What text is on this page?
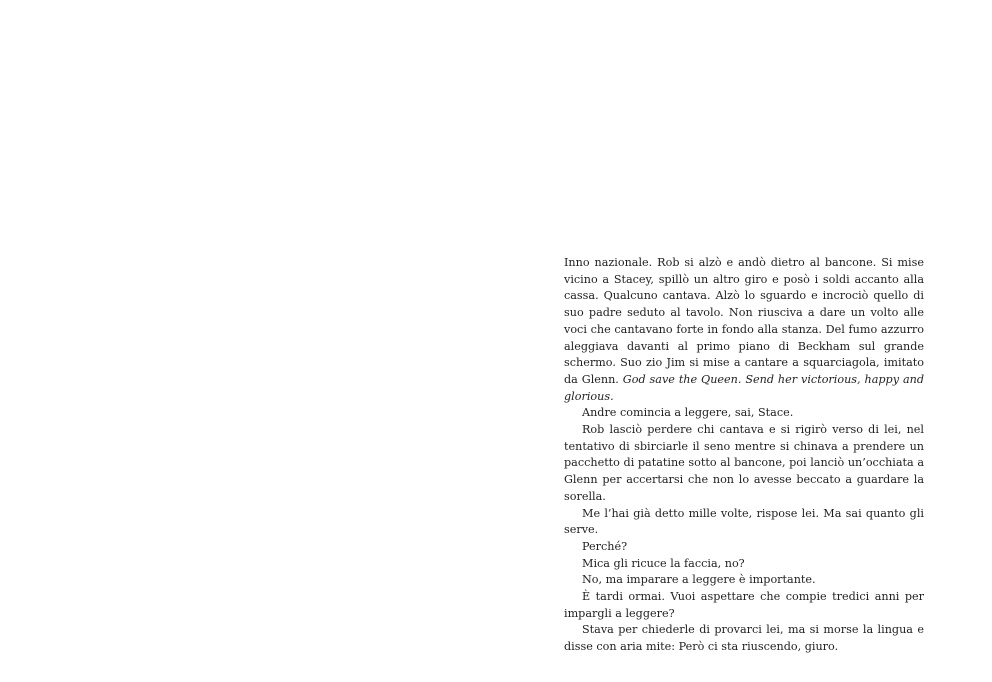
Inno nazionale. Rob si alzò e andò dietro al bancone. Si mise vicino a Stacey, spillò un altro giro e posò i soldi accanto alla cassa. Qualcuno cantava. Alzò lo sguardo e incrociò quello di suo padre seduto al tavolo. Non riusciva a dare un volto alle voci che cantavano forte in fondo alla stanza. Del fumo azzurro aleggiava davanti al primo piano di Beckham sul grande schermo. Suo zio Jim si mise a cantare a squarciagola, imitato da Glenn. God save the Queen. Send her victorious, happy and glorious.

Andre comincia a leggere, sai, Stace.

Rob lasciò perdere chi cantava e si rigirò verso di lei, nel tentativo di sbirciarle il seno mentre si chinava a prendere un pacchetto di patatine sotto al bancone, poi lanciò un’occhiata a Glenn per accertarsi che non lo avesse beccato a guardare la sorella.

Me l’hai già detto mille volte, rispose lei. Ma sai quanto gli serve.

Perché?

Mica gli ricuce la faccia, no?

No, ma imparare a leggere è importante.

È tardi ormai. Vuoi aspettare che compie tredici anni per impargli a leggere?

Stava per chiederle di provarci lei, ma si morse la lingua e disse con aria mite: Però ci sta riuscendo, giuro.
